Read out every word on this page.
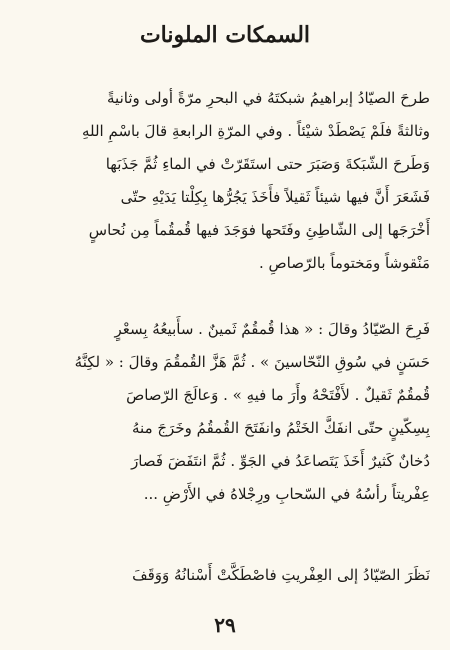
السمكات الملونات
طرحَ الصيّادُ إبراهيمُ شبكتَهُ في البحرِ مرّةً أولى وثانيةً
وثالثةً فلَمْ يَصْطَدْ شيْئاً . وفي المرّةِ الرابعةِ قالَ باسْمِ اللهِ
وَطَرحَ الشّبَكةَ وَصَبَرَ حتى استَقَرّتْ في الماءِ ثُمَّ جَذَبَها
فَشَعَرَ أَنَّ فيها شيئاً ثَقيلاً فأَخَذَ يَجُرُّها بِكِلْتا يَدَيْهِ حتّى
أَخْرَجَها إلى الشّاطِئِ وفَتَحها فوَجَدَ فيها قُمقُماً مِن نُحاسٍ
مَنْقوشاً ومَختوماً بالرّصاصِ .
فَرِحَ الصّيّادُ وقالَ : « هذا قُمقُمٌ ثَمينٌ . سأَبيعُهُ بِسعْرٍ
حَسَنٍ في سُوقِ النّحّاسينَ » . ثُمَّ هَزَّ القُمقُمَ وقالَ : « لكِنَّهُ
قُمقُمٌ ثَقيلٌ . لأَفْتَحْهُ وأَرَ ما فيهِ » . وَعالَجَ الرّصاصَ
بِسِكّينٍ حتّى انفَكَّ الخَتْمُ وانفَتَحَ القُمقُمُ وخَرَجَ منهُ
دُخانٌ كَثيرٌ أَخَذَ يَتَصاعَدُ في الجَوِّ . ثُمَّ انتَفَضَ فَصارَ
عِفْريتاً رأسُهُ في السّحابِ ورِجْلاهُ في الأَرْضِ ...
نَظَرَ الصّيّادُ إلى العِفْريتِ فاصْطَكَّتْ أَسْنانُهُ وَوَقَفَ
٢٩
